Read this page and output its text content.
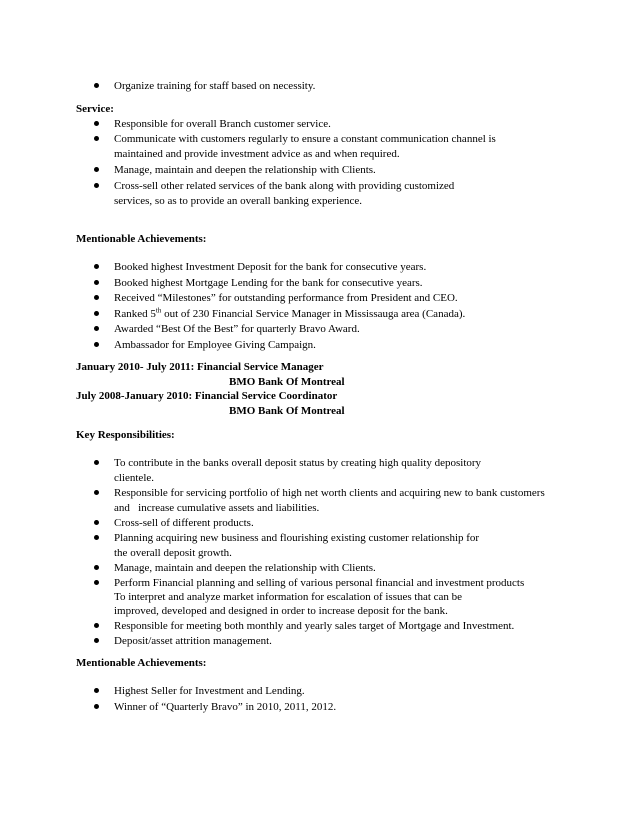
Organize training for staff based on necessity.
Service:
Responsible for overall Branch customer service.
Communicate with customers regularly to ensure a constant communication channel is
maintained and provide investment advice as and when required.
Manage, maintain and deepen the relationship with Clients.
Cross-sell other related services of the bank along with providing customized
services, so as to provide an overall banking experience.
Mentionable Achievements:
Booked highest Investment Deposit for the bank for consecutive years.
Booked highest Mortgage Lending for the bank for consecutive years.
Received “Milestones” for outstanding performance from President and CEO.
Ranked 5th out of 230 Financial Service Manager in Mississauga area (Canada).
Awarded “Best Of the Best” for quarterly Bravo Award.
Ambassador for Employee Giving Campaign.
January 2010- July 2011: Financial Service Manager
BMO Bank Of Montreal
July 2008-January 2010: Financial Service Coordinator
BMO Bank Of Montreal
Key Responsibilities:
To contribute in the banks overall deposit status by creating high quality depository
clientele.
Responsible for servicing portfolio of high net worth clients and acquiring new to bank customers
and   increase cumulative assets and liabilities.
Cross-sell of different products.
Planning acquiring new business and flourishing existing customer relationship for
the overall deposit growth.
Manage, maintain and deepen the relationship with Clients.
Perform Financial planning and selling of various personal financial and investment products
To interpret and analyze market information for escalation of issues that can be
improved, developed and designed in order to increase deposit for the bank.
Responsible for meeting both monthly and yearly sales target of Mortgage and Investment.
Deposit/asset attrition management.
Mentionable Achievements:
Highest Seller for Investment and Lending.
Winner of “Quarterly Bravo” in 2010, 2011, 2012.
